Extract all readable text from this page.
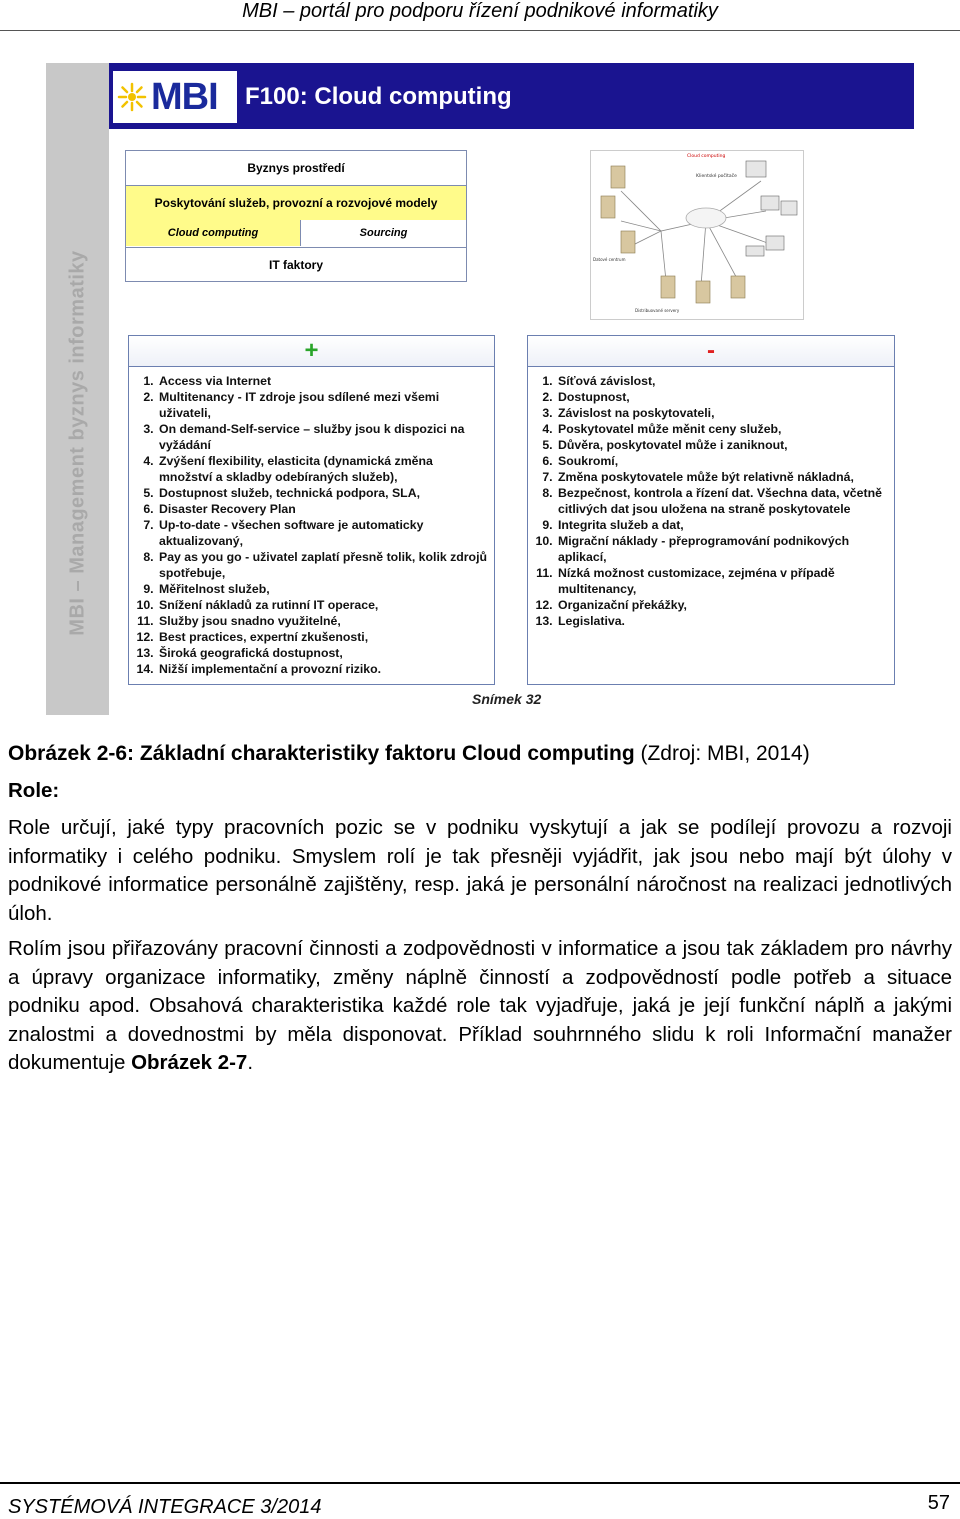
MBI – portál pro podporu řízení podnikové informatiky
MBI – Management byznys informatiky
MBI F100: Cloud computing
Byznys prostředí
Poskytování služeb, provozní a rozvojové modely
Cloud computing	Sourcing
IT faktory
Cloud computing
Klientské počítače
Datové centrum
Distribuované servery
+
1. Access via Internet
2. Multitenancy - IT zdroje jsou sdílené mezi všemi uživateli,
3. On demand-Self-service – služby jsou k dispozici na vyžádání
4. Zvýšení flexibility, elasticita (dynamická změna množství a skladby odebíraných služeb),
5. Dostupnost služeb, technická podpora, SLA,
6. Disaster Recovery Plan
7. Up-to-date - všechen software je automaticky aktualizovaný,
8. Pay as you go - uživatel zaplatí přesně tolik, kolik zdrojů spotřebuje,
9. Měřitelnost služeb,
10. Snížení nákladů za rutinní IT operace,
11. Služby jsou snadno využitelné,
12. Best practices, expertní zkušenosti,
13. Široká geografická dostupnost,
14. Nižší implementační a provozní riziko.
-
1. Síťová závislost,
2. Dostupnost,
3. Závislost na poskytovateli,
4. Poskytovatel může měnit ceny služeb,
5. Důvěra, poskytovatel může i zaniknout,
6. Soukromí,
7. Změna poskytovatele může být relativně nákladná,
8. Bezpečnost, kontrola a řízení dat. Všechna data, včetně citlivých dat jsou uložena na straně poskytovatele
9. Integrita služeb a dat,
10. Migrační náklady - přeprogramování podnikových aplikací,
11. Nízká možnost customizace, zejména v případě multitenancy,
12. Organizační překážky,
13. Legislativa.
Snímek 32
Obrázek 2-6: Základní charakteristiky faktoru Cloud computing (Zdroj: MBI, 2014)
Role:
Role určují, jaké typy pracovních pozic se v podniku vyskytují a jak se podílejí provozu a rozvoji informatiky i celého podniku. Smyslem rolí je tak přesněji vyjádřit, jak jsou nebo mají být úlohy v podnikové informatice personálně zajištěny, resp. jaká je personální náročnost na realizaci jednotlivých úloh.
Rolím jsou přiřazovány pracovní činnosti a zodpovědnosti v informatice a jsou tak základem pro návrhy a úpravy organizace informatiky, změny náplně činností a zodpovědností podle potřeb a situace podniku apod. Obsahová charakteristika každé role tak vyjadřuje, jaká je její funkční náplň a jakými znalostmi a dovednostmi by měla disponovat. Příklad souhrnného slidu k roli Informační manažer dokumentuje Obrázek 2-7.
SYSTÉMOVÁ INTEGRACE 3/2014	57
